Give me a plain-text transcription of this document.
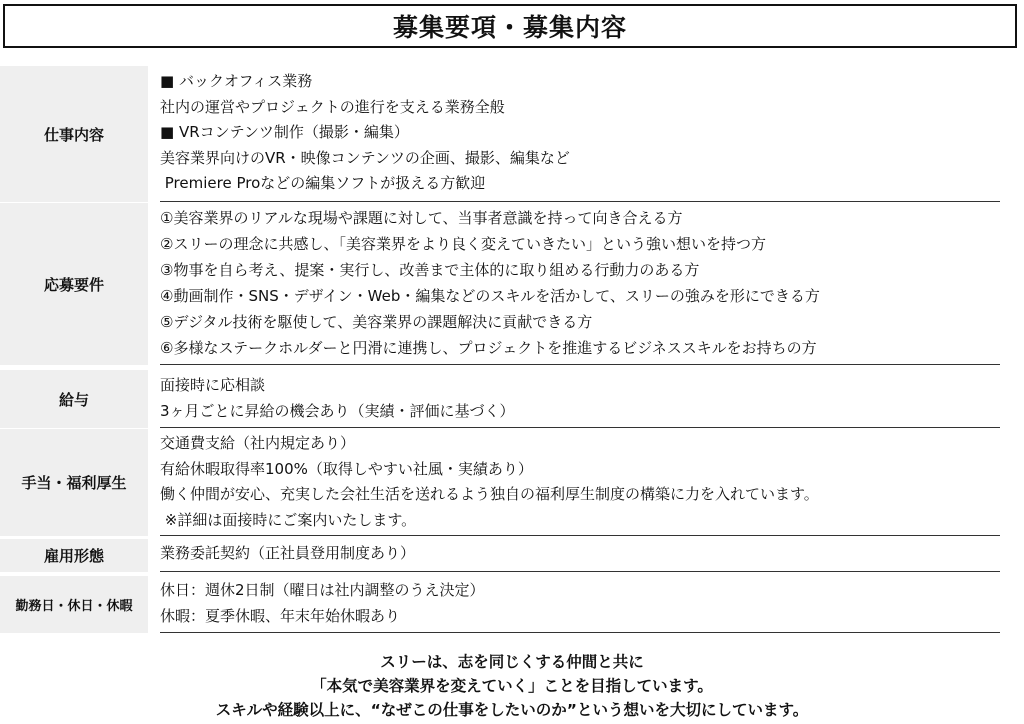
募集要項・募集内容
仕事内容
■ バックオフィス業務
社内の運営やプロジェクトの進行を支える業務全般
■ VRコンテンツ制作（撮影・編集）
美容業界向けのVR・映像コンテンツの企画、撮影、編集など
Premiere Proなどの編集ソフトが扱える方歓迎
応募要件
①美容業界のリアルな現場や課題に対して、当事者意識を持って向き合える方
②スリーの理念に共感し、「美容業界をより良く変えていきたい」という強い想いを持つ方
③物事を自ら考え、提案・実行し、改善まで主体的に取り組める行動力のある方
④動画制作・SNS・デザイン・Web・編集などのスキルを活かして、スリーの強みを形にできる方
⑤デジタル技術を駆使して、美容業界の課題解決に貢献できる方
⑥多様なステークホルダーと円滑に連携し、プロジェクトを推進するビジネススキルをお持ちの方
給与
面接時に応相談
3ヶ月ごとに昇給の機会あり（実績・評価に基づく）
手当・福利厚生
交通費支給（社内規定あり）
有給休暇取得率100%（取得しやすい社風・実績あり）
働く仲間が安心、充実した会社生活を送れるよう独自の福利厚生制度の構築に力を入れています。
※詳細は面接時にご案内いたします。
雇用形態	業務委託契約（正社員登用制度あり）
勤務日・休日・休暇
休日：週休2日制（曜日は社内調整のうえ決定）
休暇：夏季休暇、年末年始休暇あり
スリーは、志を同じくする仲間と共に
「本気で美容業界を変えていく」ことを目指しています。
スキルや経験以上に、“なぜこの仕事をしたいのか”という想いを大切にしています。
